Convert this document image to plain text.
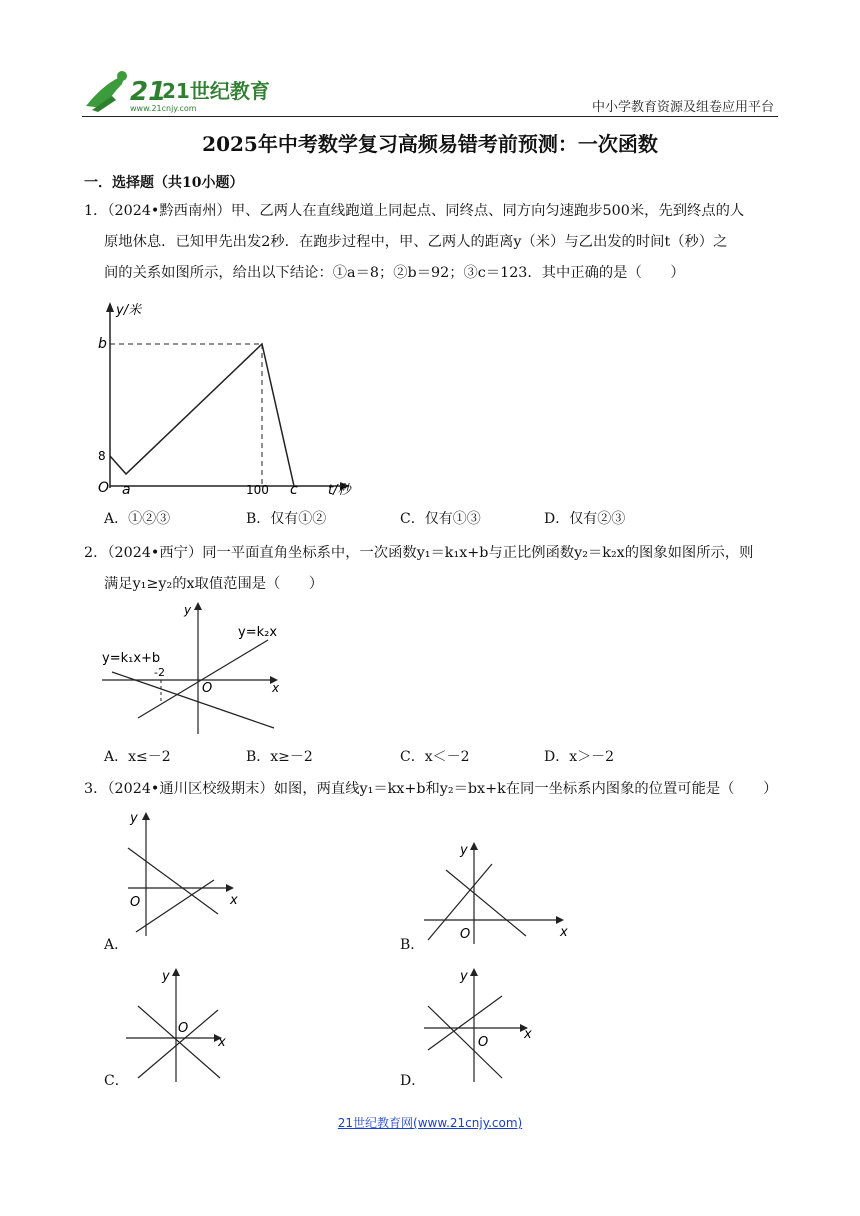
21
21世纪教育
www.21cnjy.com	中小学教育资源及组卷应用平台
2025年中考数学复习高频易错考前预测：一次函数
一．选择题（共10小题）
1．（2024•黔西南州）甲、乙两人在直线跑道上同起点、同终点、同方向匀速跑步500米，先到终点的人
原地休息．已知甲先出发2秒．在跑步过程中，甲、乙两人的距离y（米）与乙出发的时间t（秒）之
间的关系如图所示，给出以下结论：①a＝8；②b＝92；③c＝123．其中正确的是（　　）
y/米
b
8
O a	100 c t/秒
A．①②③	B．仅有①②	C．仅有①③	D．仅有②③
2．（2024•西宁）同一平面直角坐标系中，一次函数y₁＝k₁x+b与正比例函数y₂＝k₂x的图象如图所示，则
满足y₁≥y₂的x取值范围是（　　）
y
x
O
-2
y=k₁x+b
y=k₂x
A．x≤－2	B．x≥－2	C．x＜－2	D．x＞－2
3．（2024•通川区校级期末）如图，两直线y₁＝kx+b和y₂＝bx+k在同一坐标系内图象的位置可能是（　　）
y
x
O
A．
y
x
O
B．
y
x
O
C．
y
x
O
D．
21世纪教育网(www.21cnjy.com)
